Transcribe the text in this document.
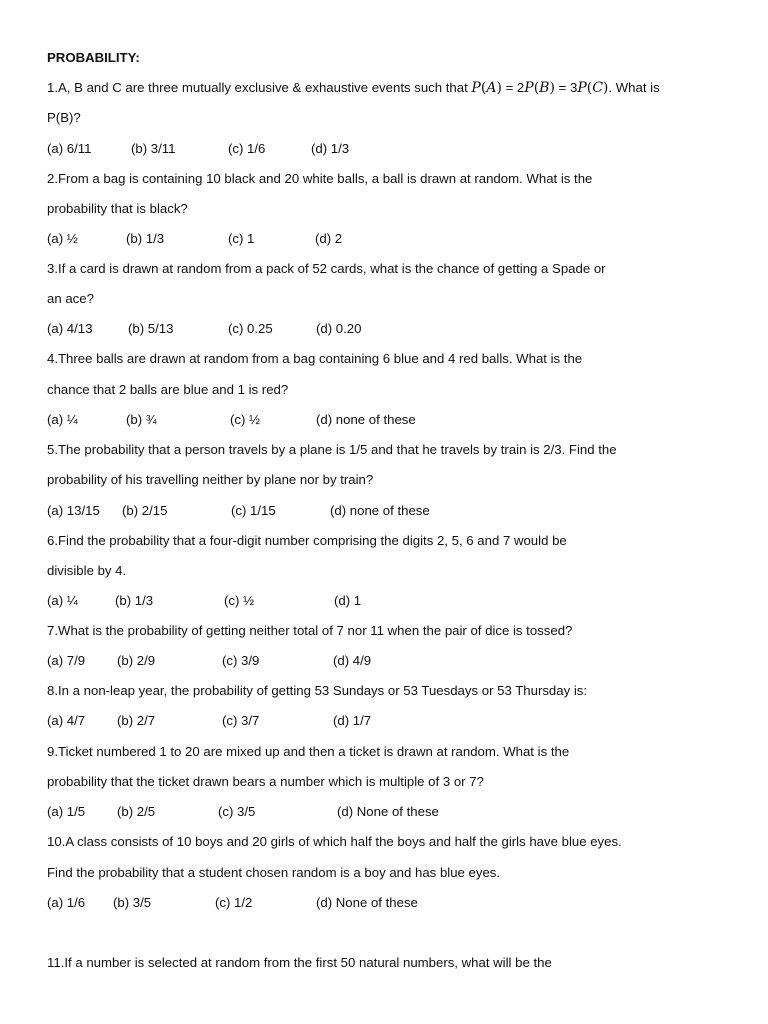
PROBABILITY:
1.A, B and C are three mutually exclusive & exhaustive events such that P(A) = 2P(B) = 3P(C). What is
P(B)?
(a) 6/11	(b) 3/11	(c) 1/6	(d) 1/3
2.From a bag is containing 10 black and 20 white balls, a ball is drawn at random. What is the
probability that is black?
(a) ½	(b) 1/3	(c) 1	(d) 2
3.If a card is drawn at random from a pack of 52 cards, what is the chance of getting a Spade or
an ace?
(a) 4/13	(b) 5/13	(c) 0.25	(d) 0.20
4.Three balls are drawn at random from a bag containing 6 blue and 4 red balls. What is the
chance that 2 balls are blue and 1 is red?
(a) ¼	(b) ¾	(c) ½	(d) none of these
5.The probability that a person travels by a plane is 1/5 and that he travels by train is 2/3. Find the
probability of his travelling neither by plane nor by train?
(a) 13/15 (b) 2/15	(c) 1/15	(d) none of these
6.Find the probability that a four-digit number comprising the digits 2, 5, 6 and 7 would be
divisible by 4.
(a) ¼	(b) 1/3	(c) ½	(d) 1
7.What is the probability of getting neither total of 7 nor 11 when the pair of dice is tossed?
(a) 7/9 (b) 2/9	(c) 3/9	(d) 4/9
8.In a non-leap year, the probability of getting 53 Sundays or 53 Tuesdays or 53 Thursday is:
(a) 4/7 (b) 2/7	(c) 3/7	(d) 1/7
9.Ticket numbered 1 to 20 are mixed up and then a ticket is drawn at random. What is the
probability that the ticket drawn bears a number which is multiple of 3 or 7?
(a) 1/5 (b) 2/5	(c) 3/5	(d) None of these
10.A class consists of 10 boys and 20 girls of which half the boys and half the girls have blue eyes.
Find the probability that a student chosen random is a boy and has blue eyes.
(a) 1/6 (b) 3/5	(c) 1/2	(d) None of these
11.If a number is selected at random from the first 50 natural numbers, what will be the
